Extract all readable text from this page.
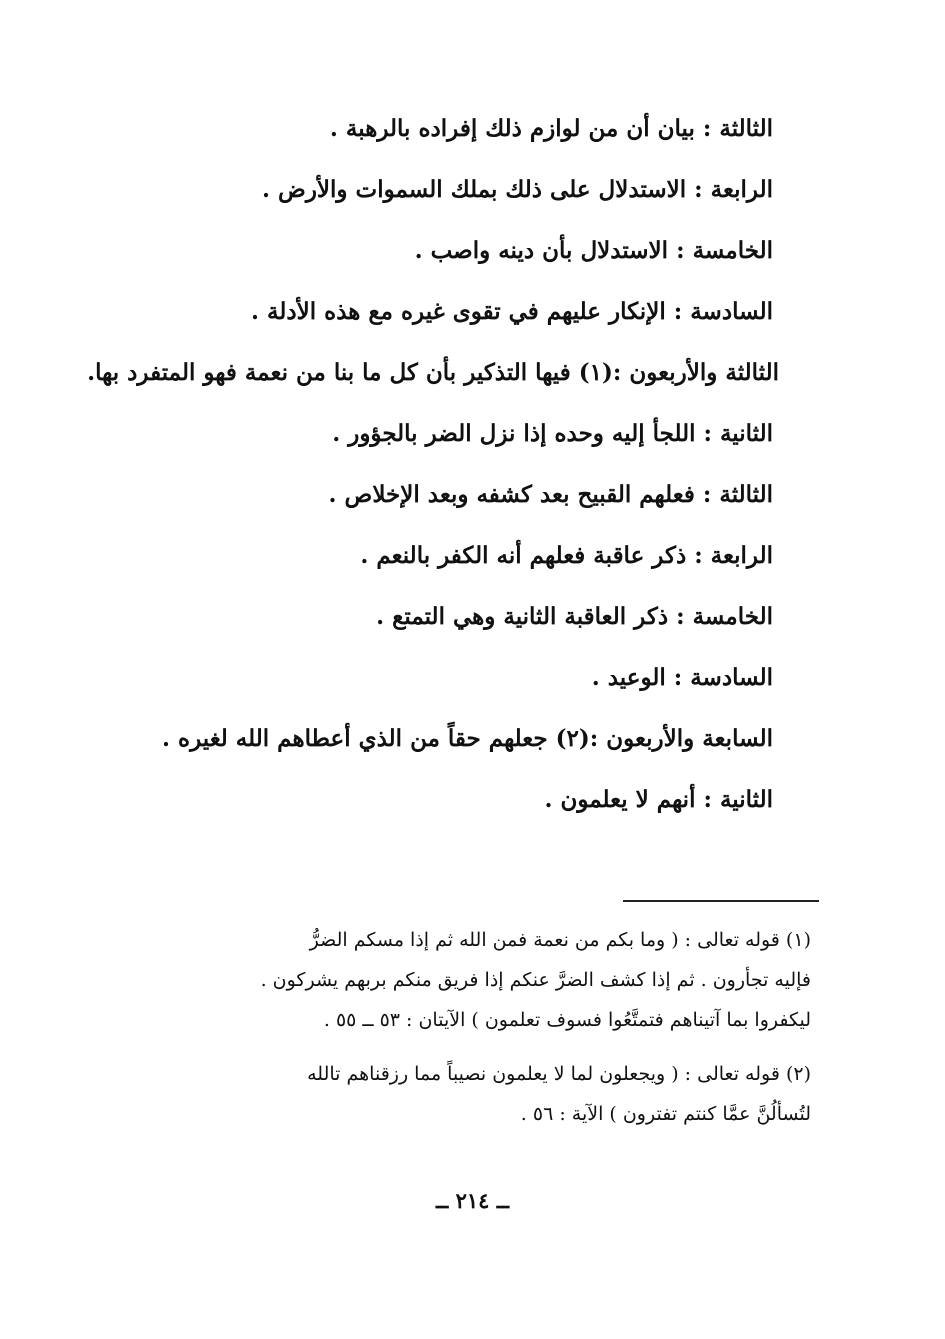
الثالثة : بيان أن من لوازم ذلك إفراده بالرهبة .
الرابعة : الاستدلال على ذلك بملك السموات والأرض .
الخامسة : الاستدلال بأن دينه واصب .
السادسة : الإنكار عليهم في تقوى غيره مع هذه الأدلة .
الثالثة والأربعون :(١) فيها التذكير بأن كل ما بنا من نعمة فهو المتفرد بها.
الثانية : اللجأ إليه وحده إذا نزل الضر بالجؤور .
الثالثة : فعلهم القبيح بعد كشفه وبعد الإخلاص .
الرابعة : ذكر عاقبة فعلهم أنه الكفر بالنعم .
الخامسة : ذكر العاقبة الثانية وهي التمتع .
السادسة : الوعيد .
السابعة والأربعون :(٢) جعلهم حقاً من الذي أعطاهم الله لغيره .
الثانية : أنهم لا يعلمون .
(١) قوله تعالى : ( وما بكم من نعمة فمن الله ثم إذا مسكم الضرُّ
فإليه تجأرون . ثم إذا كشف الضرَّ عنكم إذا فريق منكم بربهم يشركون .
ليكفروا بما آتيناهم فتمتَّعُوا فسوف تعلمون ) الآيتان : ٥٣ ــ ٥٥ .
(٢) قوله تعالى : ( ويجعلون لما لا يعلمون نصيباً مما رزقناهم تالله
لتُسألُنَّ عمَّا كنتم تفترون ) الآية : ٥٦ .
ــ ٢١٤ ــ
